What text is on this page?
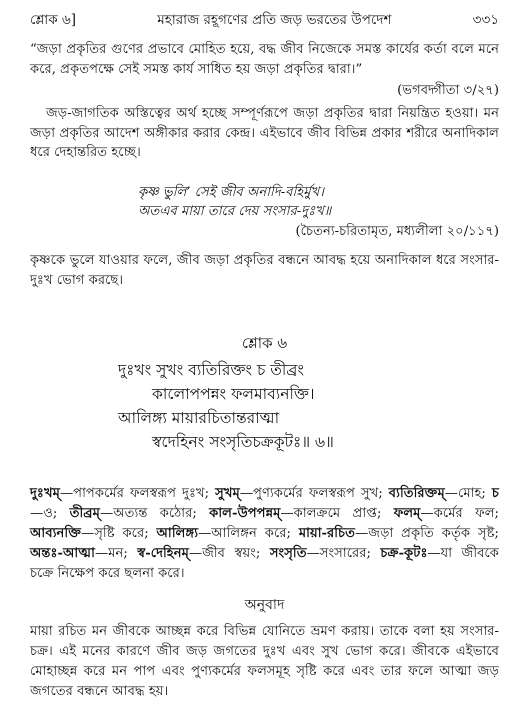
শ্লোক ৬]	মহারাজ রহূগণের প্রতি জড় ভরতের উপদেশ	৩৩১
“জড়া প্রকৃতির গুণের প্রভাবে মোহিত হয়ে, বদ্ধ জীব নিজেকে সমস্ত কার্যের কর্তা বলে মনে করে, প্রকৃতপক্ষে সেই সমস্ত কার্য সাধিত হয় জড়া প্রকৃতির দ্বারা।”
(ভগবদ্গীতা ৩/২৭)
জড়-জাগতিক অস্তিত্বের অর্থ হচ্ছে সম্পূর্ণরূপে জড়া প্রকৃতির দ্বারা নিয়ন্ত্রিত হওয়া। মন জড়া প্রকৃতির আদেশ অঙ্গীকার করার কেন্দ্র। এইভাবে জীব বিভিন্ন প্রকার শরীরে অনাদিকাল ধরে দেহান্তরিত হচ্ছে।
কৃষ্ণ ভুলি’ সেই জীব অনাদি-বহির্মুখ।
অতএব মায়া তারে দেয় সংসার-দুঃখ॥
(চৈতন্য-চরিতামৃত, মধ্যলীলা ২০/১১৭)
কৃষ্ণকে ভুলে যাওয়ার ফলে, জীব জড়া প্রকৃতির বন্ধনে আবদ্ধ হয়ে অনাদিকাল ধরে সংসার-দুঃখ ভোগ করছে।
শ্লোক ৬
দুঃখং সুখং ব্যতিরিক্তং চ তীব্রং
কালোপপন্নং ফলমাব্যনক্তি।
আলিঙ্গ্য মায়ারচিতান্তরাত্মা
স্বদেহিনং সংসৃতিচক্রকূটঃ॥ ৬॥
দুঃখম্—পাপকর্মের ফলস্বরূপ দুঃখ; সুখম্—পুণ্যকর্মের ফলস্বরূপ সুখ; ব্যতিরিক্তম্—মোহ; চ—ও; তীব্রম্—অত্যন্ত কঠোর; কাল-উপপন্নম্—কালক্রমে প্রাপ্ত; ফলম্—কর্মের ফল; আব্যনক্তি—সৃষ্টি করে; আলিঙ্গ্য—আলিঙ্গন করে; মায়া-রচিত—জড়া প্রকৃতি কর্তৃক সৃষ্ট; অন্তঃ-আত্মা—মন; স্ব-দেহিনম্—জীব স্বয়ং; সংসৃতি—সংসারের; চক্র-কূটঃ—যা জীবকে চক্রে নিক্ষেপ করে ছলনা করে।
অনুবাদ
মায়া রচিত মন জীবকে আচ্ছন্ন করে বিভিন্ন যোনিতে ভ্রমণ করায়। তাকে বলা হয় সংসার-চক্র। এই মনের কারণে জীব জড় জগতের দুঃখ এবং সুখ ভোগ করে। জীবকে এইভাবে মোহাচ্ছন্ন করে মন পাপ এবং পুণ্যকর্মের ফলসমূহ সৃষ্টি করে এবং তার ফলে আত্মা জড় জগতের বন্ধনে আবদ্ধ হয়।
